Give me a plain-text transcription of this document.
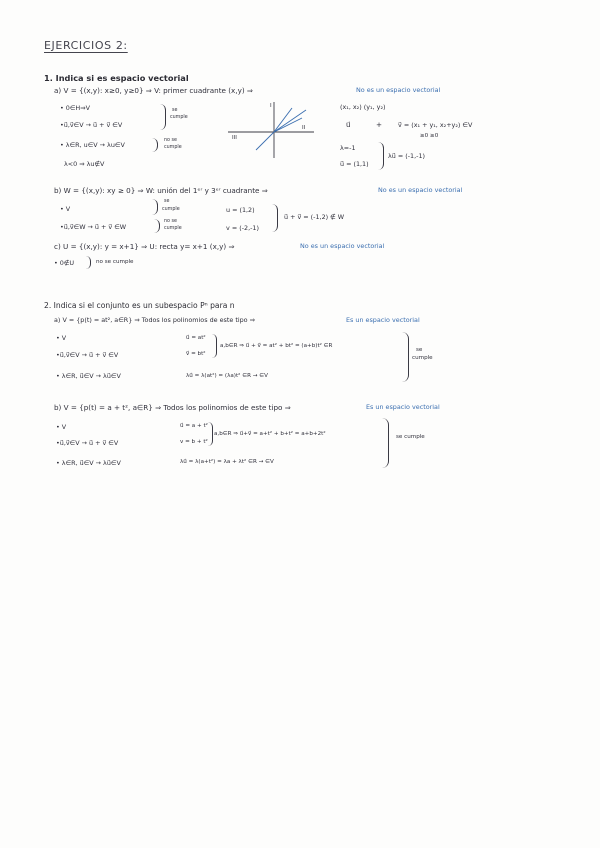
EJERCICIOS 2:
1. Indica si es espacio vectorial
a) V = {(x,y): x≥0, y≥0} ⇒ V: primer cuadrante (x,y) ⇒	No es un espacio vectorial
• 0∈H⇒V
•u⃗,v⃗∈V → u⃗ + v⃗ ∈V
se
cumple
• λ∈R, u∈V → λu∈V
no se
cumple
λ<0 ⇒ λu∉V
I
III
II
(x₁, x₂) (y₁, y₂)
u⃗	+ v⃗ = (x₁ + y₁, x₂+y₂) ∈V
≥0 ≥0
λ=-1
u⃗ = (1,1)
λu⃗ = (-1,-1)
b) W = {(x,y): xy ≥ 0} ⇒ W: unión del 1ᵉʳ y 3ᵉʳ cuadrante ⇒	No es un espacio vectorial
• V
se
cumple
•u⃗,v⃗∈W → u⃗ + v⃗ ∈W
no se
cumple
u = (1,2)
v = (-2,-1)
u⃗ + v⃗ = (-1,2) ∉ W
c) U = {(x,y): y = x+1} ⇒ U: recta y= x+1 (x,y) ⇒	No es un espacio vectorial
• 0∉U	no se cumple
2. Indica si el conjunto es un subespacio Pⁿ para n
a) V = {p(t) = at², a∈R} ⇒ Todos los polinomios de este tipo ⇒	Es un espacio vectorial
• V
•u⃗,v⃗∈V → u⃗ + v⃗ ∈V
• λ∈R, u⃗∈V → λu⃗∈V
u⃗ = at²
v⃗ = bt²
a,b∈R ⇒ u⃗ + v⃗ = at² + bt² = (a+b)t² ∈R
λu⃗ = λ(at²) = (λa)t² ∈R → ∈V
se
cumple
b) V = {p(t) = a + t², a∈R} ⇒ Todos los polinomios de este tipo ⇒	Es un espacio vectorial
• V
•u⃗,v⃗∈V → u⃗ + v⃗ ∈V
• λ∈R, u⃗∈V → λu⃗∈V
u⃗ = a + t²
v = b + t²
a,b∈R ⇒ u⃗+v⃗ = a+t² + b+t² = a+b+2t²
λu⃗ = λ(a+t²) = λa + λt² ∈R → ∈V
se cumple
